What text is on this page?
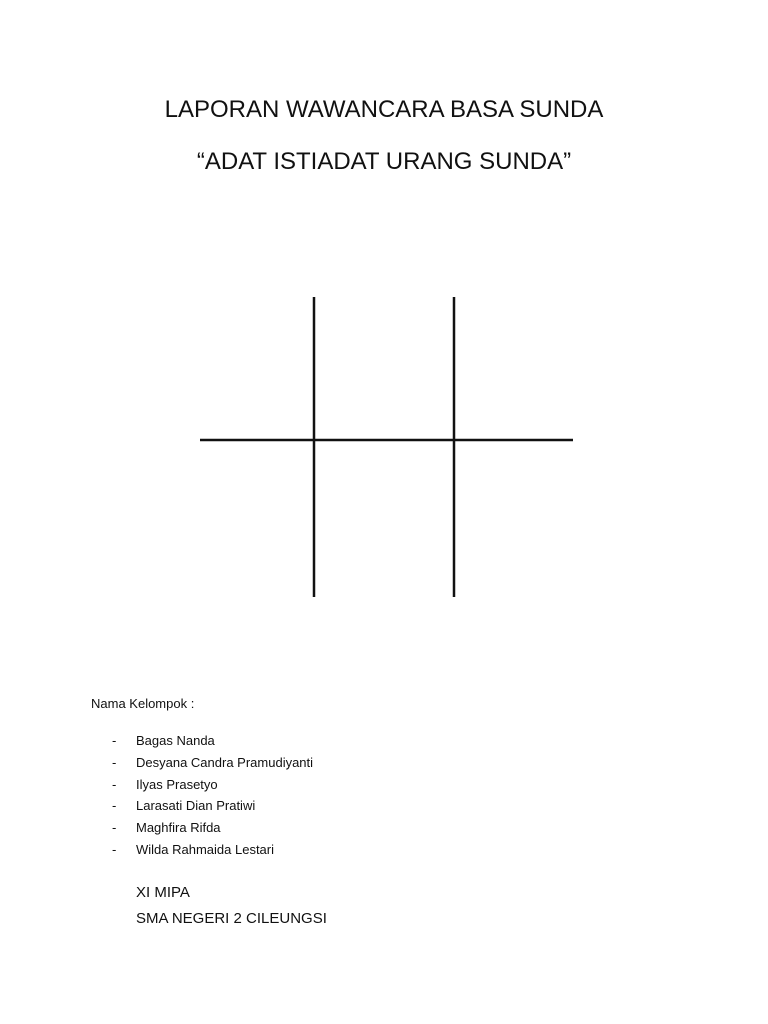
LAPORAN WAWANCARA BASA SUNDA
“ADAT ISTIADAT URANG SUNDA”

Nama Kelompok :

- Bagas Nanda
- Desyana Candra Pramudiyanti
- Ilyas Prasetyo
- Larasati Dian Pratiwi
- Maghfira Rifda
- Wilda Rahmaida Lestari
XI MIPA
SMA NEGERI 2 CILEUNGSI
